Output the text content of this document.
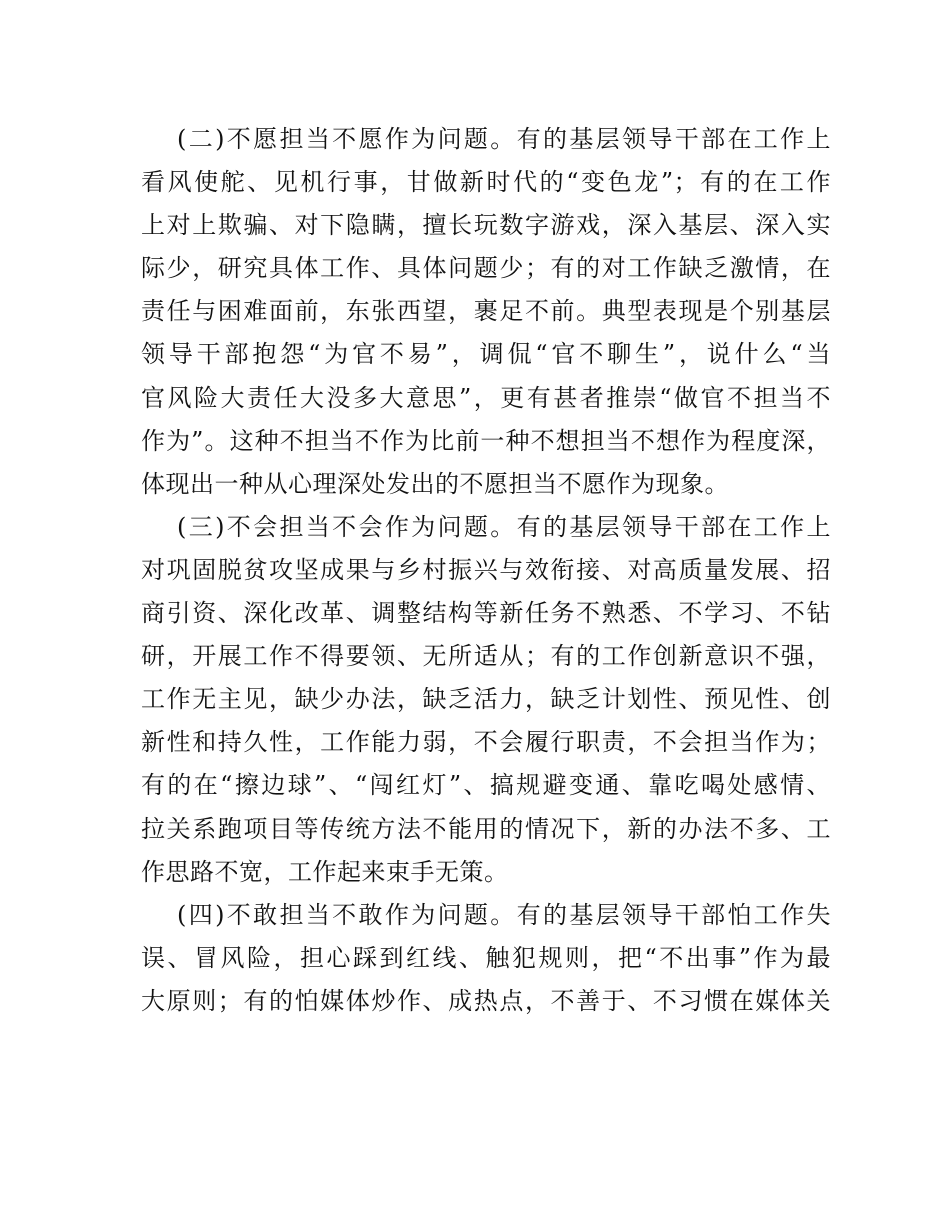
(二)不愿担当不愿作为问题。有的基层领导干部在工作上
看风使舵、见机行事，甘做新时代的“变色龙”；有的在工作
上对上欺骗、对下隐瞒，擅长玩数字游戏，深入基层、深入实
际少，研究具体工作、具体问题少；有的对工作缺乏激情，在
责任与困难面前，东张西望，裹足不前。典型表现是个别基层
领导干部抱怨“为官不易”，调侃“官不聊生”，说什么“当
官风险大责任大没多大意思”，更有甚者推崇“做官不担当不
作为”。这种不担当不作为比前一种不想担当不想作为程度深，
体现出一种从心理深处发出的不愿担当不愿作为现象。
(三)不会担当不会作为问题。有的基层领导干部在工作上
对巩固脱贫攻坚成果与乡村振兴与效衔接、对高质量发展、招
商引资、深化改革、调整结构等新任务不熟悉、不学习、不钻
研，开展工作不得要领、无所适从；有的工作创新意识不强，
工作无主见，缺少办法，缺乏活力，缺乏计划性、预见性、创
新性和持久性，工作能力弱，不会履行职责，不会担当作为；
有的在“擦边球”、“闯红灯”、搞规避变通、靠吃喝处感情、
拉关系跑项目等传统方法不能用的情况下，新的办法不多、工
作思路不宽，工作起来束手无策。
(四)不敢担当不敢作为问题。有的基层领导干部怕工作失
误、冒风险，担心踩到红线、触犯规则，把“不出事”作为最
大原则；有的怕媒体炒作、成热点，不善于、不习惯在媒体关
